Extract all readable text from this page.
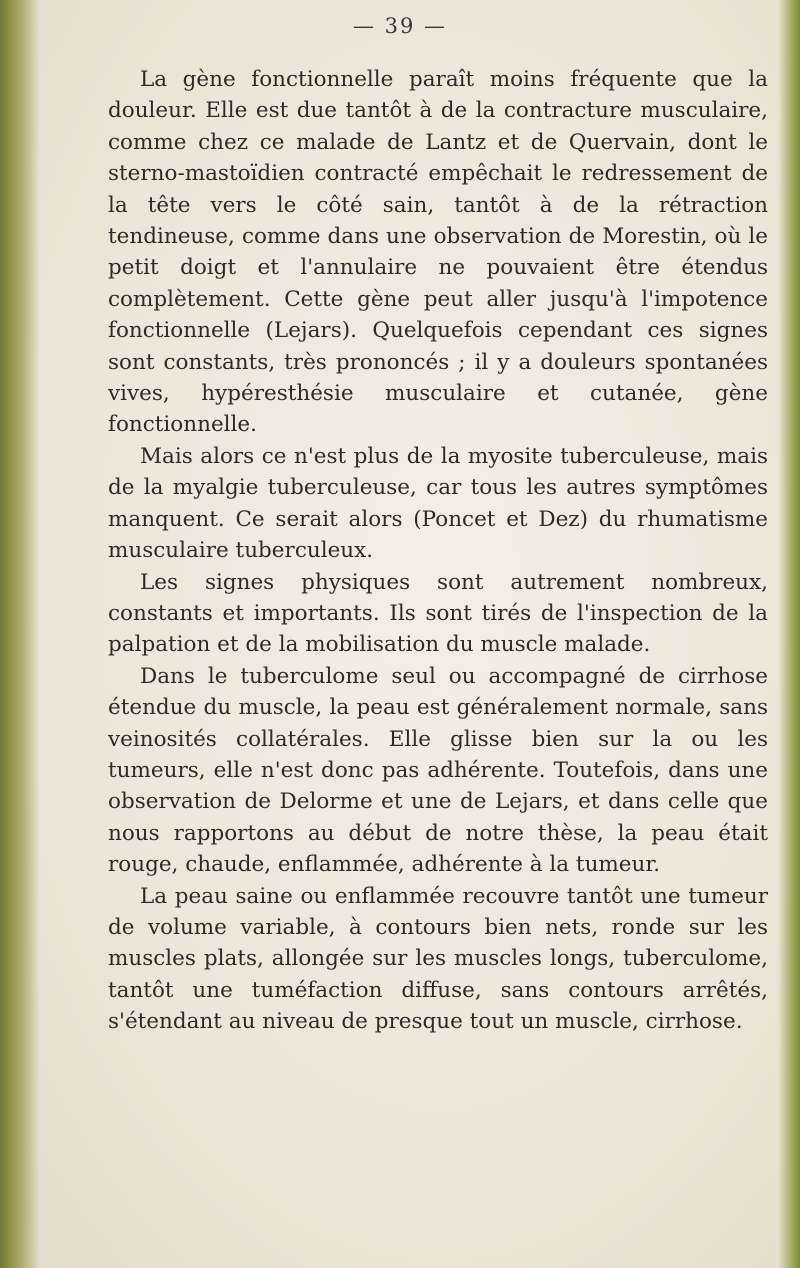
— 39 —

La gène fonctionnelle paraît moins fréquente que la douleur. Elle est due tantôt à de la contracture musculaire, comme chez ce malade de Lantz et de Quervain, dont le sterno-mastoïdien contracté empêchait le redressement de la tête vers le côté sain, tantôt à de la rétraction tendineuse, comme dans une observation de Morestin, où le petit doigt et l'annulaire ne pouvaient être étendus complètement. Cette gène peut aller jusqu'à l'impotence fonctionnelle (Lejars). Quelquefois cependant ces signes sont constants, très prononcés ; il y a douleurs spontanées vives, hypéresthésie musculaire et cutanée, gène fonctionnelle.

Mais alors ce n'est plus de la myosite tuberculeuse, mais de la myalgie tuberculeuse, car tous les autres symptômes manquent. Ce serait alors (Poncet et Dez) du rhumatisme musculaire tuberculeux.

Les signes physiques sont autrement nombreux, constants et importants. Ils sont tirés de l'inspection de la palpation et de la mobilisation du muscle malade.

Dans le tuberculome seul ou accompagné de cirrhose étendue du muscle, la peau est généralement normale, sans veinosités collatérales. Elle glisse bien sur la ou les tumeurs, elle n'est donc pas adhérente. Toutefois, dans une observation de Delorme et une de Lejars, et dans celle que nous rapportons au début de notre thèse, la peau était rouge, chaude, enflammée, adhérente à la tumeur.

La peau saine ou enflammée recouvre tantôt une tumeur de volume variable, à contours bien nets, ronde sur les muscles plats, allongée sur les muscles longs, tuberculome, tantôt une tuméfaction diffuse, sans contours arrêtés, s'étendant au niveau de presque tout un muscle, cirrhose.
